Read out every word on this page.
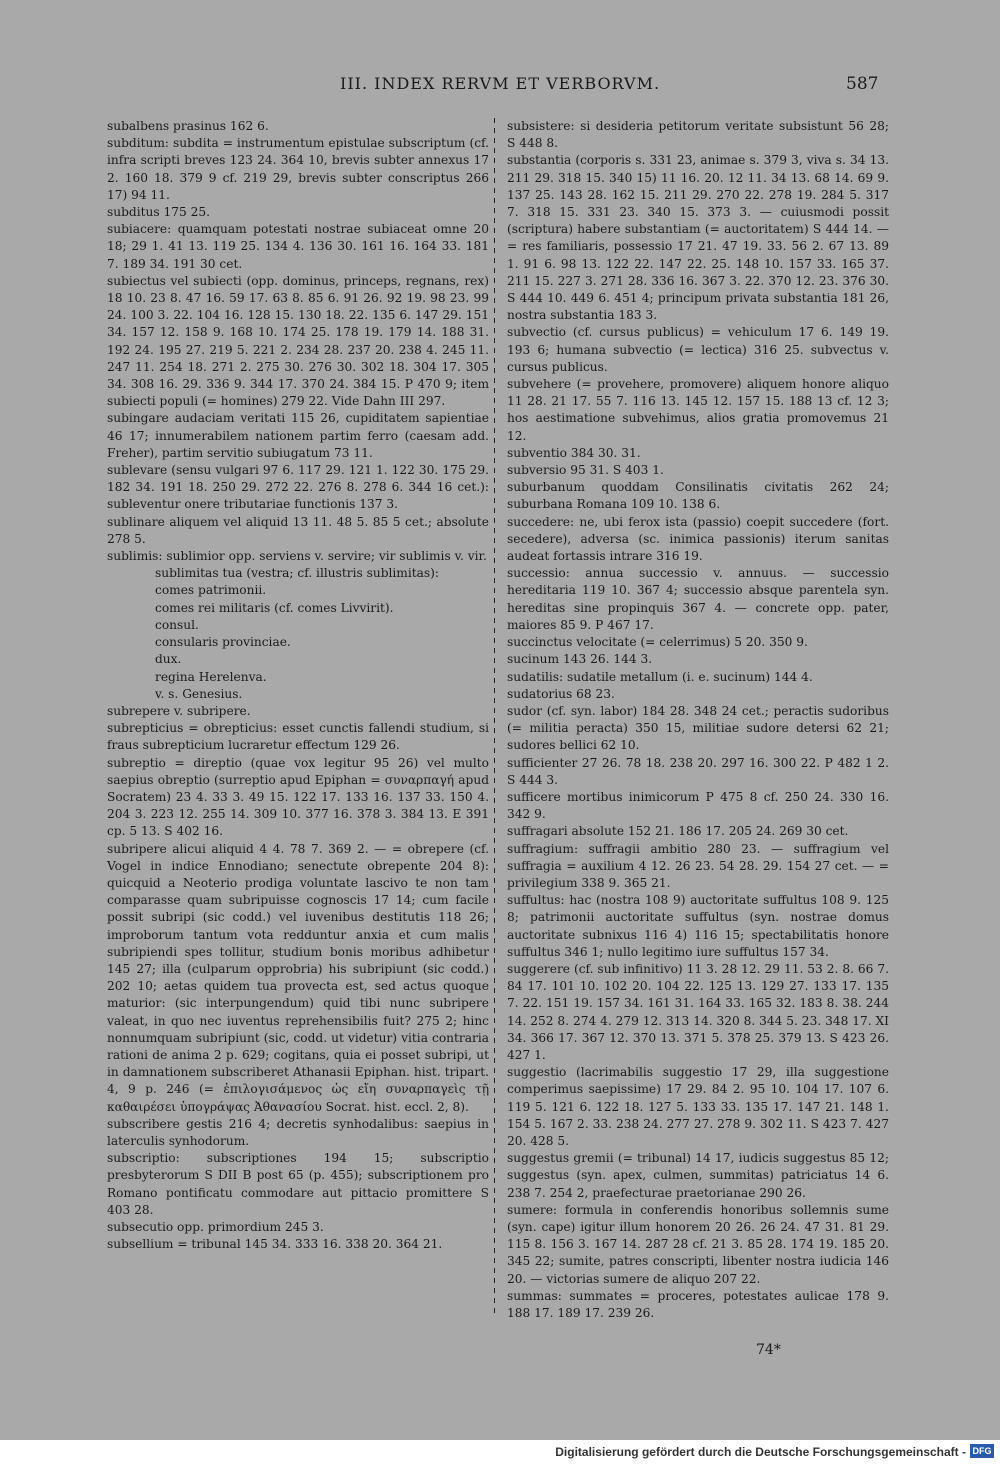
III. INDEX RERVM ET VERBORVM.	587

subalbens prasinus 162 6.

subditum: subdita = instrumentum epistulae subscriptum (cf. infra scripti breves 123 24. 364 10, brevis subter annexus 17 2. 160 18. 379 9 cf. 219 29, brevis subter conscriptus 266 17) 94 11.

subditus 175 25.

subiacere: quamquam potestati nostrae subiaceat omne 20 18; 29 1. 41 13. 119 25. 134 4. 136 30. 161 16. 164 33. 181 7. 189 34. 191 30 cet.

subiectus vel subiecti (opp. dominus, princeps, regnans, rex) 18 10. 23 8. 47 16. 59 17. 63 8. 85 6. 91 26. 92 19. 98 23. 99 24. 100 3. 22. 104 16. 128 15. 130 18. 22. 135 6. 147 29. 151 34. 157 12. 158 9. 168 10. 174 25. 178 19. 179 14. 188 31. 192 24. 195 27. 219 5. 221 2. 234 28. 237 20. 238 4. 245 11. 247 11. 254 18. 271 2. 275 30. 276 30. 302 18. 304 17. 305 34. 308 16. 29. 336 9. 344 17. 370 24. 384 15. P 470 9; item subiecti populi (= homines) 279 22. Vide Dahn III 297.

subingare audaciam veritati 115 26, cupiditatem sapientiae 46 17; innumerabilem nationem partim ferro (caesam add. Freher), partim servitio subiugatum 73 11.

sublevare (sensu vulgari 97 6. 117 29. 121 1. 122 30. 175 29. 182 34. 191 18. 250 29. 272 22. 276 8. 278 6. 344 16 cet.): subleventur onere tributariae functionis 137 3.

sublinare aliquem vel aliquid 13 11. 48 5. 85 5 cet.; absolute 278 5.

sublimis: sublimior opp. serviens v. servire; vir sublimis v. vir.

sublimitas tua (vestra; cf. illustris sublimitas):

comes patrimonii.

comes rei militaris (cf. comes Livvirit).

consul.

consularis provinciae.

dux.

regina Herelenva.

v. s. Genesius.

subrepere v. subripere.

subrepticius = obrepticius: esset cunctis fallendi studium, si fraus subrepticium lucraretur effectum 129 26.

subreptio = direptio (quae vox legitur 95 26) vel multo saepius obreptio (surreptio apud Epiphan = συναρπαγή apud Socratem) 23 4. 33 3. 49 15. 122 17. 133 16. 137 33. 150 4. 204 3. 223 12. 255 14. 309 10. 377 16. 378 3. 384 13. E 391 cp. 5 13. S 402 16.

subripere alicui aliquid 4 4. 78 7. 369 2. — = obrepere (cf. Vogel in indice Ennodiano; senectute obrepente 204 8): quicquid a Neoterio prodiga voluntate lascivo te non tam comparasse quam subripuisse cognoscis 17 14; cum facile possit subripi (sic codd.) vel iuvenibus destitutis 118 26; improborum tantum vota redduntur anxia et cum malis subripiendi spes tollitur, studium bonis moribus adhibetur 145 27; illa (culparum opprobria) his subripiunt (sic codd.) 202 10; aetas quidem tua provecta est, sed actus quoque maturior: (sic interpungendum) quid tibi nunc subripere valeat, in quo nec iuventus reprehensibilis fuit? 275 2; hinc nonnumquam subripiunt (sic, codd. ut videtur) vitia contraria rationi de anima 2 p. 629; cogitans, quia ei posset subripi, ut in damnationem subscriberet Athanasii Epiphan. hist. tripart. 4, 9 p. 246 (= ἐπιλογισάμενος ὡς εἴη συναρπαγεὶς τῇ καθαιρέσει ὑπογράψας Ἀθανασίου Socrat. hist. eccl. 2, 8).

subscribere gestis 216 4; decretis synhodalibus: saepius in laterculis synhodorum.

subscriptio: subscriptiones 194 15; subscriptio presbyterorum S DII B post 65 (p. 455); subscriptionem pro Romano pontificatu commodare aut pittacio promittere S 403 28.

subsecutio opp. primordium 245 3.

subsellium = tribunal 145 34. 333 16. 338 20. 364 21.

subsistere: si desideria petitorum veritate subsistunt 56 28; S 448 8.

substantia (corporis s. 331 23, animae s. 379 3, viva s. 34 13. 211 29. 318 15. 340 15) 11 16. 20. 12 11. 34 13. 68 14. 69 9. 137 25. 143 28. 162 15. 211 29. 270 22. 278 19. 284 5. 317 7. 318 15. 331 23. 340 15. 373 3. — cuiusmodi possit (scriptura) habere substantiam (= auctoritatem) S 444 14. — = res familiaris, possessio 17 21. 47 19. 33. 56 2. 67 13. 89 1. 91 6. 98 13. 122 22. 147 22. 25. 148 10. 157 33. 165 37. 211 15. 227 3. 271 28. 336 16. 367 3. 22. 370 12. 23. 376 30. S 444 10. 449 6. 451 4; principum privata substantia 181 26, nostra substantia 183 3.

subvectio (cf. cursus publicus) = vehiculum 17 6. 149 19. 193 6; humana subvectio (= lectica) 316 25. subvectus v. cursus publicus.

subvehere (= provehere, promovere) aliquem honore aliquo 11 28. 21 17. 55 7. 116 13. 145 12. 157 15. 188 13 cf. 12 3; hos aestimatione subvehimus, alios gratia promovemus 21 12.

subventio 384 30. 31.

subversio 95 31. S 403 1.

suburbanum quoddam Consilinatis civitatis 262 24; suburbana Romana 109 10. 138 6.

succedere: ne, ubi ferox ista (passio) coepit succedere (fort. secedere), adversa (sc. inimica passionis) iterum sanitas audeat fortassis intrare 316 19.

successio: annua successio v. annuus. — successio hereditaria 119 10. 367 4; successio absque parentela syn. hereditas sine propinquis 367 4. — concrete opp. pater, maiores 85 9. P 467 17.

succinctus velocitate (= celerrimus) 5 20. 350 9.

sucinum 143 26. 144 3.

sudatilis: sudatile metallum (i. e. sucinum) 144 4.

sudatorius 68 23.

sudor (cf. syn. labor) 184 28. 348 24 cet.; peractis sudoribus (= militia peracta) 350 15, militiae sudore detersi 62 21; sudores bellici 62 10.

sufficienter 27 26. 78 18. 238 20. 297 16. 300 22. P 482 1 2. S 444 3.

sufficere mortibus inimicorum P 475 8 cf. 250 24. 330 16. 342 9.

suffragari absolute 152 21. 186 17. 205 24. 269 30 cet.

suffragium: suffragii ambitio 280 23. — suffragium vel suffragia = auxilium 4 12. 26 23. 54 28. 29. 154 27 cet. — = privilegium 338 9. 365 21.

suffultus: hac (nostra 108 9) auctoritate suffultus 108 9. 125 8; patrimonii auctoritate suffultus (syn. nostrae domus auctoritate subnixus 116 4) 116 15; spectabilitatis honore suffultus 346 1; nullo legitimo iure suffultus 157 34.

suggerere (cf. sub infinitivo) 11 3. 28 12. 29 11. 53 2. 8. 66 7. 84 17. 101 10. 102 20. 104 22. 125 13. 129 27. 133 17. 135 7. 22. 151 19. 157 34. 161 31. 164 33. 165 32. 183 8. 38. 244 14. 252 8. 274 4. 279 12. 313 14. 320 8. 344 5. 23. 348 17. XI 34. 366 17. 367 12. 370 13. 371 5. 378 25. 379 13. S 423 26. 427 1.

suggestio (lacrimabilis suggestio 17 29, illa suggestione comperimus saepissime) 17 29. 84 2. 95 10. 104 17. 107 6. 119 5. 121 6. 122 18. 127 5. 133 33. 135 17. 147 21. 148 1. 154 5. 167 2. 33. 238 24. 277 27. 278 9. 302 11. S 423 7. 427 20. 428 5.

suggestus gremii (= tribunal) 14 17, iudicis suggestus 85 12; suggestus (syn. apex, culmen, summitas) patriciatus 14 6. 238 7. 254 2, praefecturae praetorianae 290 26.

sumere: formula in conferendis honoribus sollemnis sume (syn. cape) igitur illum honorem 20 26. 26 24. 47 31. 81 29. 115 8. 156 3. 167 14. 287 28 cf. 21 3. 85 28. 174 19. 185 20. 345 22; sumite, patres conscripti, libenter nostra iudicia 146 20. — victorias sumere de aliquo 207 22.

summas: summates = proceres, potestates aulicae 178 9. 188 17. 189 17. 239 26.

74*
Digitalisierung gefördert durch die Deutsche Forschungsgemeinschaft - DFG
